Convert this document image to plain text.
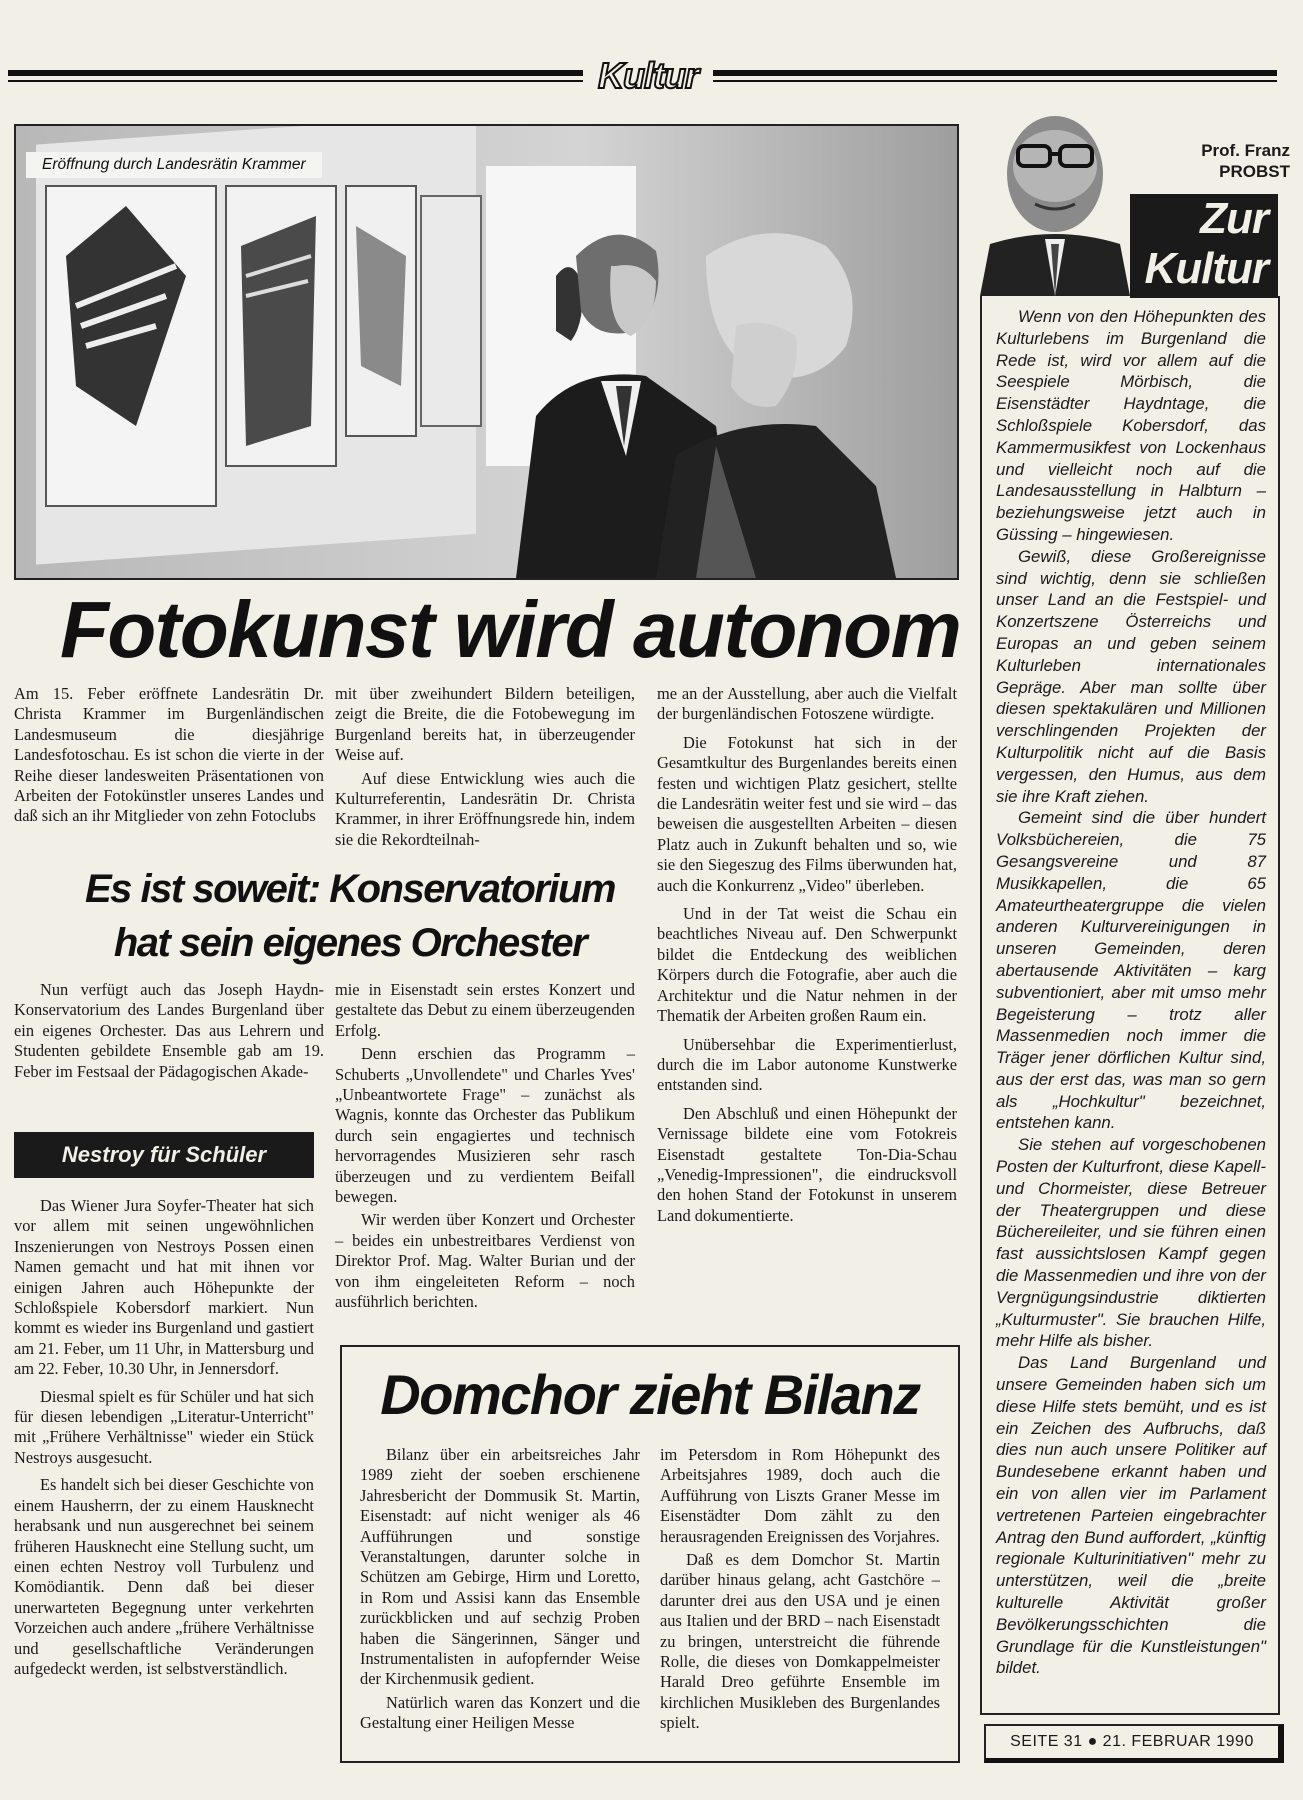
Kultur
Eröffnung durch Landesrätin Krammer
Fotokunst wird autonom

Am 15. Feber eröffnete Landesrätin Dr. Christa Krammer im Burgenländischen Landesmuseum die diesjährige Landesfotoschau. Es ist schon die vierte in der Reihe dieser landesweiten Präsentationen von Arbeiten der Fotokünstler unseres Landes und daß sich an ihr Mitglieder von zehn Fotoclubs

mit über zweihundert Bildern beteiligen, zeigt die Breite, die die Fotobewegung im Burgenland bereits hat, in überzeugender Weise auf.

Auf diese Entwicklung wies auch die Kulturreferentin, Landesrätin Dr. Christa Krammer, in ihrer Eröffnungsrede hin, indem sie die Rekordteilnah-

me an der Ausstellung, aber auch die Vielfalt der burgenländischen Fotoszene würdigte.

Die Fotokunst hat sich in der Gesamtkultur des Burgenlandes bereits einen festen und wichtigen Platz gesichert, stellte die Landesrätin weiter fest und sie wird – das beweisen die ausgestellten Arbeiten – diesen Platz auch in Zukunft behalten und so, wie sie den Siegeszug des Films überwunden hat, auch die Konkurrenz „Video" überleben.

Und in der Tat weist die Schau ein beachtliches Niveau auf. Den Schwerpunkt bildet die Entdeckung des weiblichen Körpers durch die Fotografie, aber auch die Architektur und die Natur nehmen in der Thematik der Arbeiten großen Raum ein.

Unübersehbar die Experimentierlust, durch die im Labor autonome Kunstwerke entstanden sind.

Den Abschluß und einen Höhepunkt der Vernissage bildete eine vom Fotokreis Eisenstadt gestaltete Ton-Dia-Schau „Venedig-Impressionen", die eindrucksvoll den hohen Stand der Fotokunst in unserem Land dokumentierte.

Es ist soweit: Konservatorium
hat sein eigenes Orchester

Nun verfügt auch das Joseph Haydn-Konservatorium des Landes Burgenland über ein eigenes Orchester. Das aus Lehrern und Studenten gebildete Ensemble gab am 19. Feber im Festsaal der Pädagogischen Akade-

mie in Eisenstadt sein erstes Konzert und gestaltete das Debut zu einem überzeugenden Erfolg.

Denn erschien das Programm – Schuberts „Unvollendete" und Charles Yves' „Unbeantwortete Frage" – zunächst als Wagnis, konnte das Orchester das Publikum durch sein engagiertes und technisch hervorragendes Musizieren sehr rasch überzeugen und zu verdientem Beifall bewegen.

Wir werden über Konzert und Orchester – beides ein unbestreitbares Verdienst von Direktor Prof. Mag. Walter Burian und der von ihm eingeleiteten Reform – noch ausführlich berichten.

Nestroy für Schüler

Das Wiener Jura Soyfer-Theater hat sich vor allem mit seinen ungewöhnlichen Inszenierungen von Nestroys Possen einen Namen gemacht und hat mit ihnen vor einigen Jahren auch Höhepunkte der Schloßspiele Kobersdorf markiert. Nun kommt es wieder ins Burgenland und gastiert am 21. Feber, um 11 Uhr, in Mattersburg und am 22. Feber, 10.30 Uhr, in Jennersdorf.

Diesmal spielt es für Schüler und hat sich für diesen lebendigen „Literatur-Unterricht" mit „Frühere Verhältnisse" wieder ein Stück Nestroys ausgesucht.

Es handelt sich bei dieser Geschichte von einem Hausherrn, der zu einem Hausknecht herabsank und nun ausgerechnet bei seinem früheren Hausknecht eine Stellung sucht, um einen echten Nestroy voll Turbulenz und Komödiantik. Denn daß bei dieser unerwarteten Begegnung unter verkehrten Vorzeichen auch andere „frühere Verhältnisse und gesellschaftliche Veränderungen aufgedeckt werden, ist selbstverständlich.

Domchor zieht Bilanz

Bilanz über ein arbeitsreiches Jahr 1989 zieht der soeben erschienene Jahresbericht der Dommusik St. Martin, Eisenstadt: auf nicht weniger als 46 Aufführungen und sonstige Veranstaltungen, darunter solche in Schützen am Gebirge, Hirm und Loretto, in Rom und Assisi kann das Ensemble zurückblicken und auf sechzig Proben haben die Sängerinnen, Sänger und Instrumentalisten in aufopfernder Weise der Kirchenmusik gedient.

Natürlich waren das Konzert und die Gestaltung einer Heiligen Messe

im Petersdom in Rom Höhepunkt des Arbeitsjahres 1989, doch auch die Aufführung von Liszts Graner Messe im Eisenstädter Dom zählt zu den herausragenden Ereignissen des Vorjahres.

Daß es dem Domchor St. Martin darüber hinaus gelang, acht Gastchöre – darunter drei aus den USA und je einen aus Italien und der BRD – nach Eisenstadt zu bringen, unterstreicht die führende Rolle, die dieses von Domkappelmeister Harald Dreo geführte Ensemble im kirchlichen Musikleben des Burgenlandes spielt.

Prof. Franz
PROBST
Zur
Kultur

Wenn von den Höhepunkten des Kulturlebens im Burgenland die Rede ist, wird vor allem auf die Seespiele Mörbisch, die Eisenstädter Haydntage, die Schloßspiele Kobersdorf, das Kammermusikfest von Lockenhaus und vielleicht noch auf die Landesausstellung in Halbturn – beziehungsweise jetzt auch in Güssing – hingewiesen.

Gewiß, diese Großereignisse sind wichtig, denn sie schließen unser Land an die Festspiel- und Konzertszene Österreichs und Europas an und geben seinem Kulturleben internationales Gepräge. Aber man sollte über diesen spektakulären und Millionen verschlingenden Projekten der Kulturpolitik nicht auf die Basis vergessen, den Humus, aus dem sie ihre Kraft ziehen.

Gemeint sind die über hundert Volksbüchereien, die 75 Gesangsvereine und 87 Musikkapellen, die 65 Amateurtheatergruppe die vielen anderen Kulturvereinigungen in unseren Gemeinden, deren abertausende Aktivitäten – karg subventioniert, aber mit umso mehr Begeisterung – trotz aller Massenmedien noch immer die Träger jener dörflichen Kultur sind, aus der erst das, was man so gern als „Hochkultur" bezeichnet, entstehen kann.

Sie stehen auf vorgeschobenen Posten der Kulturfront, diese Kapell- und Chormeister, diese Betreuer der Theatergruppen und diese Büchereileiter, und sie führen einen fast aussichtslosen Kampf gegen die Massenmedien und ihre von der Vergnügungsindustrie diktierten „Kulturmuster". Sie brauchen Hilfe, mehr Hilfe als bisher.

Das Land Burgenland und unsere Gemeinden haben sich um diese Hilfe stets bemüht, und es ist ein Zeichen des Aufbruchs, daß dies nun auch unsere Politiker auf Bundesebene erkannt haben und ein von allen vier im Parlament vertretenen Parteien eingebrachter Antrag den Bund auffordert, „künftig regionale Kulturinitiativen" mehr zu unterstützen, weil die „breite kulturelle Aktivität großer Bevölkerungsschichten die Grundlage für die Kunstleistungen" bildet.

SEITE 31 ● 21. FEBRUAR 1990
